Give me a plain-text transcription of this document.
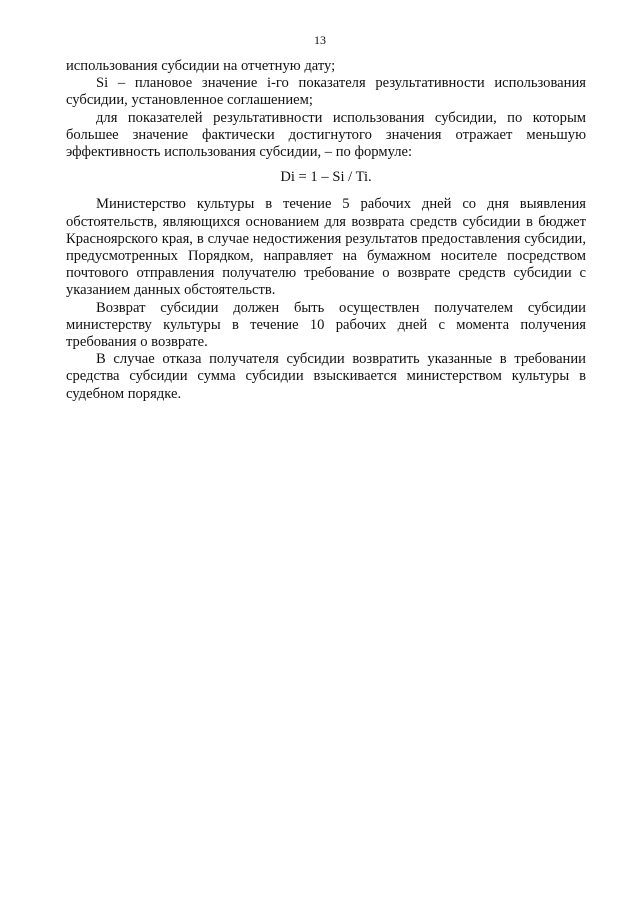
13

использования субсидии на отчетную дату;

Si – плановое значение i-го показателя результативности использования субсидии, установленное соглашением;

для показателей результативности использования субсидии, по которым большее значение фактически достигнутого значения отражает меньшую эффективность использования субсидии, – по формуле:

Di = 1 – Si / Ti.

Министерство культуры в течение 5 рабочих дней со дня выявления обстоятельств, являющихся основанием для возврата средств субсидии в бюджет Красноярского края, в случае недостижения результатов предоставления субсидии, предусмотренных Порядком, направляет на бумажном носителе посредством почтового отправления получателю требование о возврате средств субсидии с указанием данных обстоятельств.

Возврат субсидии должен быть осуществлен получателем субсидии министерству культуры в течение 10 рабочих дней с момента получения требования о возврате.

В случае отказа получателя субсидии возвратить указанные в требовании средства субсидии сумма субсидии взыскивается министерством культуры в судебном порядке.
